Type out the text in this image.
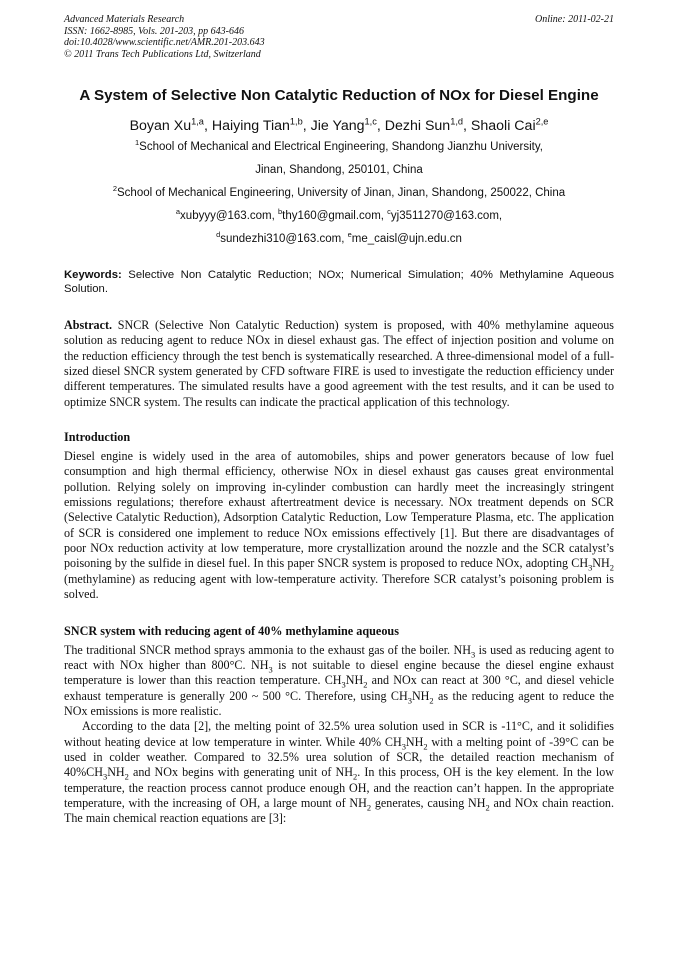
Advanced Materials Research
ISSN: 1662-8985, Vols. 201-203, pp 643-646
doi:10.4028/www.scientific.net/AMR.201-203.643
© 2011 Trans Tech Publications Ltd, Switzerland
Online: 2011-02-21
A System of Selective Non Catalytic Reduction of NOx for Diesel Engine
Boyan Xu$^{1,a}$, Haiying Tian$^{1,b}$, Jie Yang$^{1,c}$, Dezhi Sun$^{1,d}$, Shaoli Cai$^{2,e}$
$^1$School of Mechanical and Electrical Engineering, Shandong Jianzhu University,
Jinan, Shandong, 250101, China
$^2$School of Mechanical Engineering, University of Jinan, Jinan, Shandong, 250022, China
$^a$xubyyy@163.com, $^b$thy160@gmail.com, $^c$yj3511270@163.com,
$^d$sundezhi310@163.com, $^e$me_caisl@ujn.edu.cn

Keywords: Selective Non Catalytic Reduction; NOx; Numerical Simulation; 40% Methylamine Aqueous Solution.

Abstract. SNCR (Selective Non Catalytic Reduction) system is proposed, with 40% methylamine aqueous solution as reducing agent to reduce NOx in diesel exhaust gas. The effect of injection position and volume on the reduction efficiency through the test bench is systematically researched. A three-dimensional model of a full-sized diesel SNCR system generated by CFD software FIRE is used to investigate the reduction efficiency under different temperatures. The simulated results have a good agreement with the test results, and it can be used to optimize SNCR system. The results can indicate the practical application of this technology.

Introduction

Diesel engine is widely used in the area of automobiles, ships and power generators because of low fuel consumption and high thermal efficiency, otherwise NOx in diesel exhaust gas causes great environmental pollution. Relying solely on improving in-cylinder combustion can hardly meet the increasingly stringent emissions regulations; therefore exhaust aftertreatment device is necessary. NOx treatment depends on SCR (Selective Catalytic Reduction), Adsorption Catalytic Reduction, Low Temperature Plasma, etc. The application of SCR is considered one implement to reduce NOx emissions effectively [1]. But there are disadvantages of poor NOx reduction activity at low temperature, more crystallization around the nozzle and the SCR catalyst’s poisoning by the sulfide in diesel fuel. In this paper SNCR system is proposed to reduce NOx, adopting $CH_3NH_2$ (methylamine) as reducing agent with low-temperature activity. Therefore SCR catalyst’s poisoning problem is solved.

SNCR system with reducing agent of 40% methylamine aqueous

The traditional SNCR method sprays ammonia to the exhaust gas of the boiler. $NH_3$ is used as reducing agent to react with NOx higher than 800°C. $NH_3$ is not suitable to diesel engine because the diesel engine exhaust temperature is lower than this reaction temperature. $CH_3NH_2$ and NOx can react at 300 °C, and diesel vehicle exhaust temperature is generally 200 ~ 500 °C. Therefore, using $CH_3NH_2$ as the reducing agent to reduce the NOx emissions is more realistic.

According to the data [2], the melting point of 32.5% urea solution used in SCR is -11°C, and it solidifies without heating device at low temperature in winter. While 40% $CH_3NH_2$ with a melting point of -39°C can be used in colder weather. Compared to 32.5% urea solution of SCR, the detailed reaction mechanism of $40\%CH_3NH_2$ and NOx begins with generating unit of $NH_2$. In this process, OH is the key element. In the low temperature, the reaction process cannot produce enough OH, and the reaction can’t happen. In the appropriate temperature, with the increasing of OH, a large mount of $NH_2$ generates, causing $NH_2$ and NOx chain reaction. The main chemical reaction equations are [3]:
